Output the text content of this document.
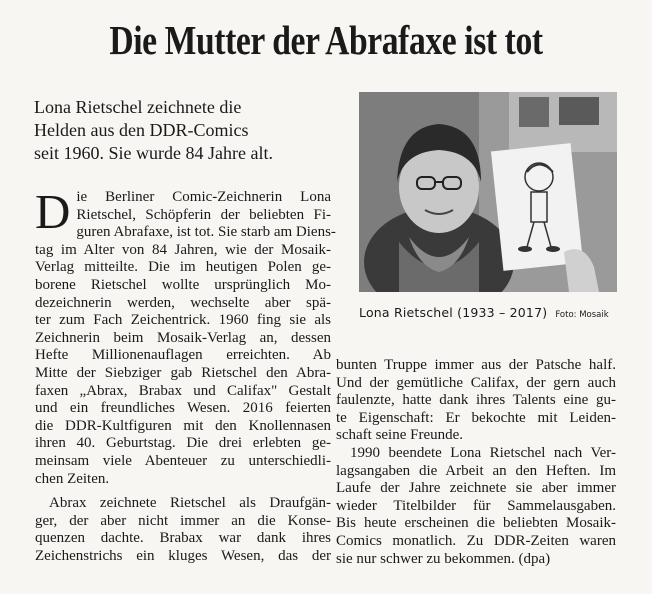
Die Mutter der Abrafaxe ist tot
Lona Rietschel zeichnete die
Helden aus den DDR-Comics
seit 1960. Sie wurde 84 Jahre alt.
Lona Rietschel (1933 – 2017) Foto: Mosaik
D ie Berliner Comic-Zeichnerin Lona
Rietschel, Schöpferin der beliebten Fi-
guren Abrafaxe, ist tot. Sie starb am Diens-
tag im Alter von 84 Jahren, wie der Mosaik-
Verlag mitteilte. Die im heutigen Polen ge-
borene Rietschel wollte ursprünglich Mo-
dezeichnerin werden, wechselte aber spä-
ter zum Fach Zeichentrick. 1960 fing sie als
Zeichnerin beim Mosaik-Verlag an, dessen
Hefte Millionenauflagen erreichten. Ab
Mitte der Siebziger gab Rietschel den Abra-
faxen „Abrax, Brabax und Califax" Gestalt
und ein freundliches Wesen. 2016 feierten
die DDR-Kultfiguren mit den Knollennasen
ihren 40. Geburtstag. Die drei erlebten ge-
meinsam viele Abenteuer zu unterschiedli-
chen Zeiten.
Abrax zeichnete Rietschel als Draufgän-
ger, der aber nicht immer an die Konse-
quenzen dachte. Brabax war dank ihres
Zeichenstrichs ein kluges Wesen, das der
bunten Truppe immer aus der Patsche half.
Und der gemütliche Califax, der gern auch
faulenzte, hatte dank ihres Talents eine gu-
te Eigenschaft: Er bekochte mit Leiden-
schaft seine Freunde.
1990 beendete Lona Rietschel nach Ver-
lagsangaben die Arbeit an den Heften. Im
Laufe der Jahre zeichnete sie aber immer
wieder Titelbilder für Sammelausgaben.
Bis heute erscheinen die beliebten Mosaik-
Comics monatlich. Zu DDR-Zeiten waren
sie nur schwer zu bekommen. (dpa)
